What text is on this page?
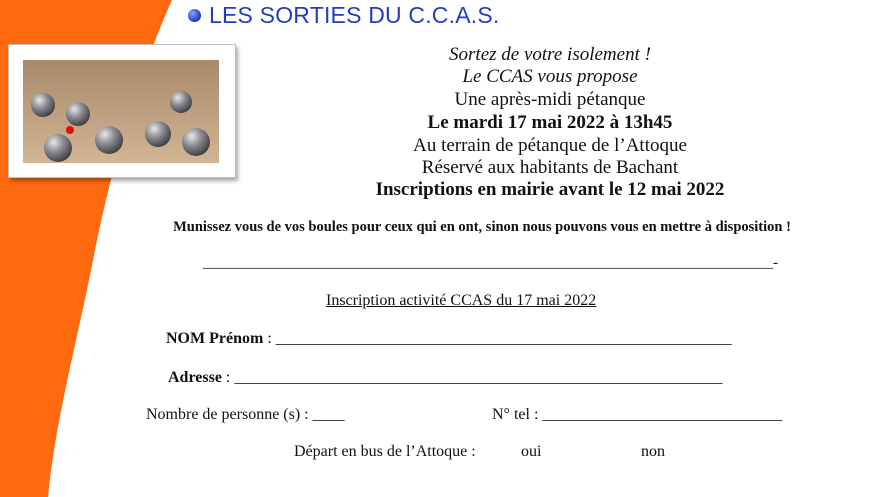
LES SORTIES DU C.C.A.S.
Sortez de votre isolement !
Le CCAS vous propose
Une après-midi pétanque
Le mardi 17 mai 2022 à 13h45
Au terrain de pétanque de l’Attoque
Réservé aux habitants de Bachant
Inscriptions en mairie avant le 12 mai 2022
Munissez vous de vos boules pour ceux qui en ont, sinon nous pouvons vous en mettre à disposition !
____________________________________________________________________________-
Inscription activité CCAS du 17 mai 2022
NOM Prénom : _________________________________________________________
Adresse : _____________________________________________________________
Nombre de personne (s) : ____	N° tel : ______________________________
Départ en bus de l’Attoque :	oui	non
